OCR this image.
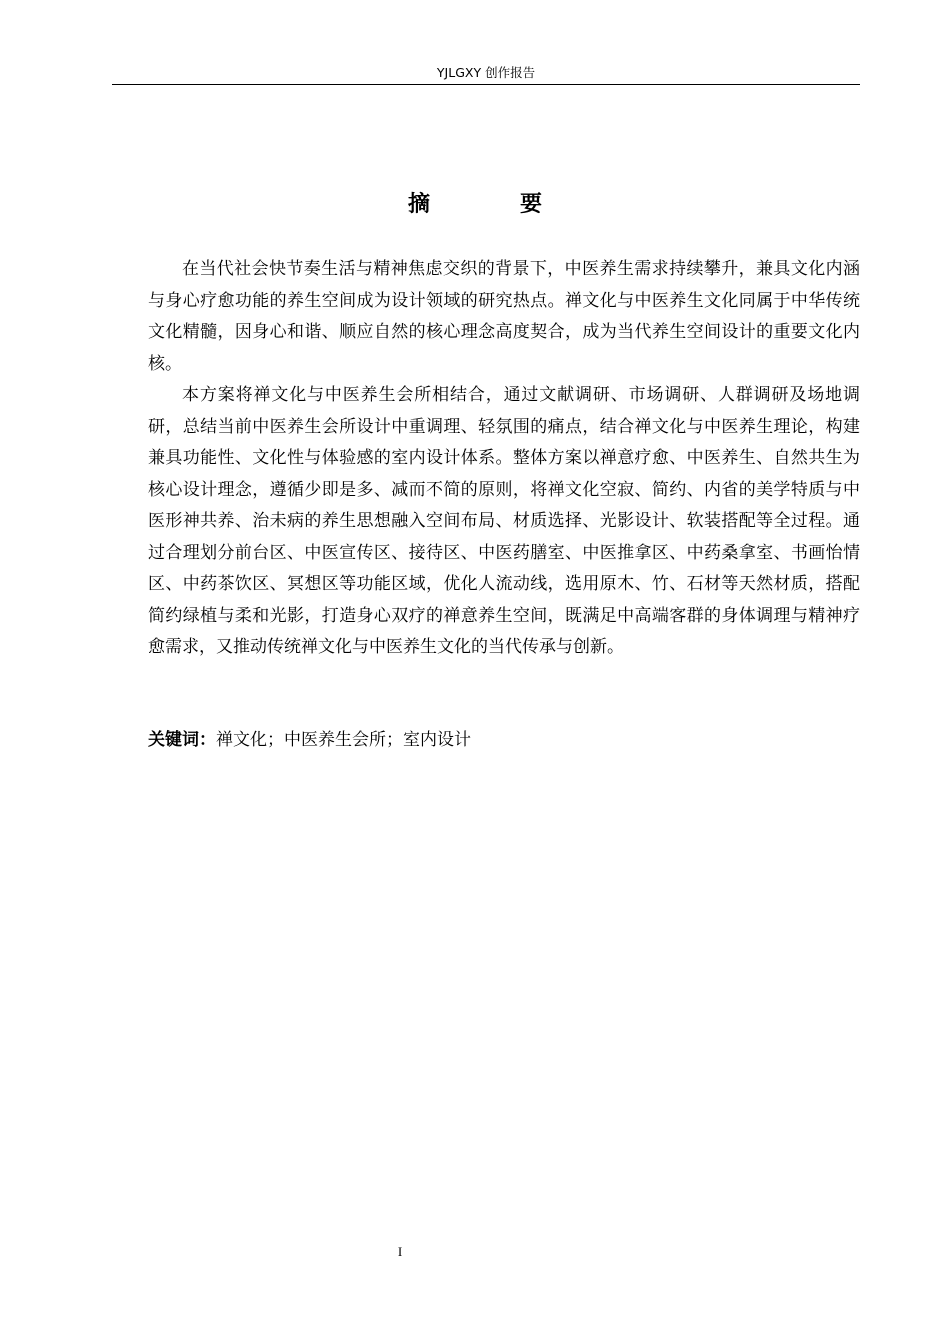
YJLGXY 创作报告
摘　要

在当代社会快节奏生活与精神焦虑交织的背景下，中医养生需求持续攀升，兼具文化内涵与身心疗愈功能的养生空间成为设计领域的研究热点。禅文化与中医养生文化同属于中华传统文化精髓，因身心和谐、顺应自然的核心理念高度契合，成为当代养生空间设计的重要文化内核。

本方案将禅文化与中医养生会所相结合，通过文献调研、市场调研、人群调研及场地调研，总结当前中医养生会所设计中重调理、轻氛围的痛点，结合禅文化与中医养生理论，构建兼具功能性、文化性与体验感的室内设计体系。整体方案以禅意疗愈、中医养生、自然共生为核心设计理念，遵循少即是多、减而不简的原则，将禅文化空寂、简约、内省的美学特质与中医形神共养、治未病的养生思想融入空间布局、材质选择、光影设计、软装搭配等全过程。通过合理划分前台区、中医宣传区、接待区、中医药膳室、中医推拿区、中药桑拿室、书画怡情区、中药茶饮区、冥想区等功能区域，优化人流动线，选用原木、竹、石材等天然材质，搭配简约绿植与柔和光影，打造身心双疗的禅意养生空间，既满足中高端客群的身体调理与精神疗愈需求，又推动传统禅文化与中医养生文化的当代传承与创新。

关键词：禅文化；中医养生会所；室内设计
I
